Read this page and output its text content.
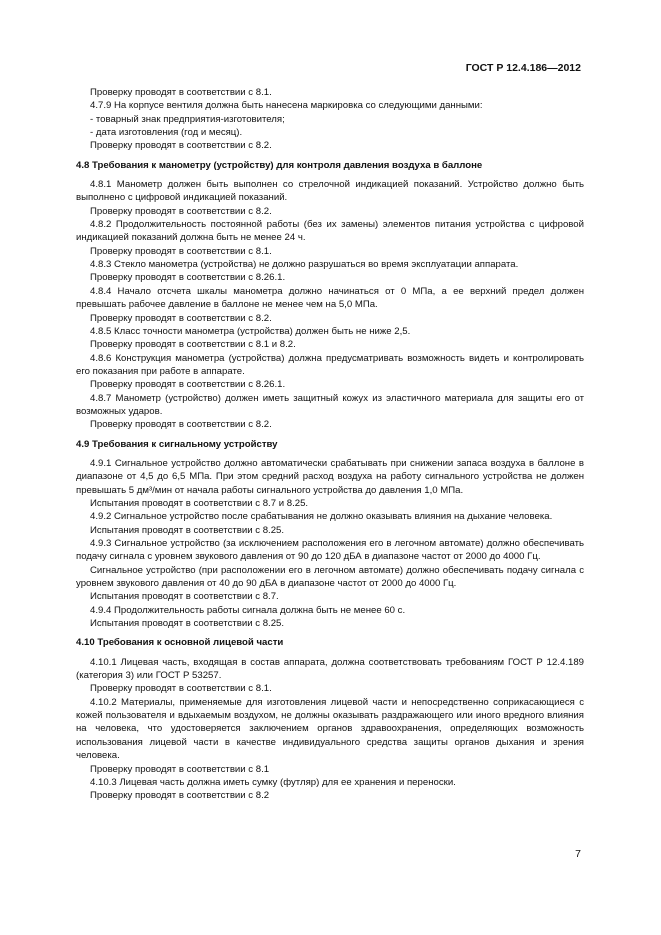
ГОСТ Р 12.4.186—2012

Проверку проводят в соответствии с 8.1.

4.7.9 На корпусе вентиля должна быть нанесена маркировка со следующими данными:

- товарный знак предприятия-изготовителя;

- дата изготовления (год и месяц).

Проверку проводят в соответствии с 8.2.

4.8 Требования к манометру (устройству) для контроля давления воздуха в баллоне

4.8.1 Манометр должен быть выполнен со стрелочной индикацией показаний. Устройство должно быть выполнено с цифровой индикацией показаний.

Проверку проводят в соответствии с 8.2.

4.8.2 Продолжительность постоянной работы (без их замены) элементов питания устройства с цифровой индикацией показаний должна быть не менее 24 ч.

Проверку проводят в соответствии с 8.1.

4.8.3 Стекло манометра (устройства) не должно разрушаться во время эксплуатации аппарата.

Проверку проводят в соответствии с 8.26.1.

4.8.4 Начало отсчета шкалы манометра должно начинаться от 0 МПа, а ее верхний предел должен превышать рабочее давление в баллоне не менее чем на 5,0 МПа.

Проверку проводят в соответствии с 8.2.

4.8.5 Класс точности манометра (устройства) должен быть не ниже 2,5.

Проверку проводят в соответствии с 8.1 и 8.2.

4.8.6 Конструкция манометра (устройства) должна предусматривать возможность видеть и контролировать его показания при работе в аппарате.

Проверку проводят в соответствии с 8.26.1.

4.8.7 Манометр (устройство) должен иметь защитный кожух из эластичного материала для защиты его от возможных ударов.

Проверку проводят в соответствии с 8.2.

4.9 Требования к сигнальному устройству

4.9.1 Сигнальное устройство должно автоматически срабатывать при снижении запаса воздуха в баллоне в диапазоне от 4,5 до 6,5 МПа. При этом средний расход воздуха на работу сигнального устройства не должен превышать 5 дм³/мин от начала работы сигнального устройства до давления 1,0 МПа.

Испытания проводят в соответствии с 8.7 и 8.25.

4.9.2 Сигнальное устройство после срабатывания не должно оказывать влияния на дыхание человека.

Испытания проводят в соответствии с 8.25.

4.9.3 Сигнальное устройство (за исключением расположения его в легочном автомате) должно обеспечивать подачу сигнала с уровнем звукового давления от 90 до 120 дБА в диапазоне частот от 2000 до 4000 Гц.

Сигнальное устройство (при расположении его в легочном автомате) должно обеспечивать подачу сигнала с уровнем звукового давления от 40 до 90 дБА в диапазоне частот от 2000 до 4000 Гц.

Испытания проводят в соответствии с 8.7.

4.9.4 Продолжительность работы сигнала должна быть не менее 60 с.

Испытания проводят в соответствии с 8.25.

4.10 Требования к основной лицевой части

4.10.1 Лицевая часть, входящая в состав аппарата, должна соответствовать требованиям ГОСТ Р 12.4.189 (категория 3) или ГОСТ Р 53257.

Проверку проводят в соответствии с 8.1.

4.10.2 Материалы, применяемые для изготовления лицевой части и непосредственно соприкасающиеся с кожей пользователя и вдыхаемым воздухом, не должны оказывать раздражающего или иного вредного влияния на человека, что удостоверяется заключением органов здравоохранения, определяющих возможность использования лицевой части в качестве индивидуального средства защиты органов дыхания и зрения человека.

Проверку проводят в соответствии с 8.1

4.10.3 Лицевая часть должна иметь сумку (футляр) для ее хранения и переноски.

Проверку проводят в соответствии с 8.2

7
